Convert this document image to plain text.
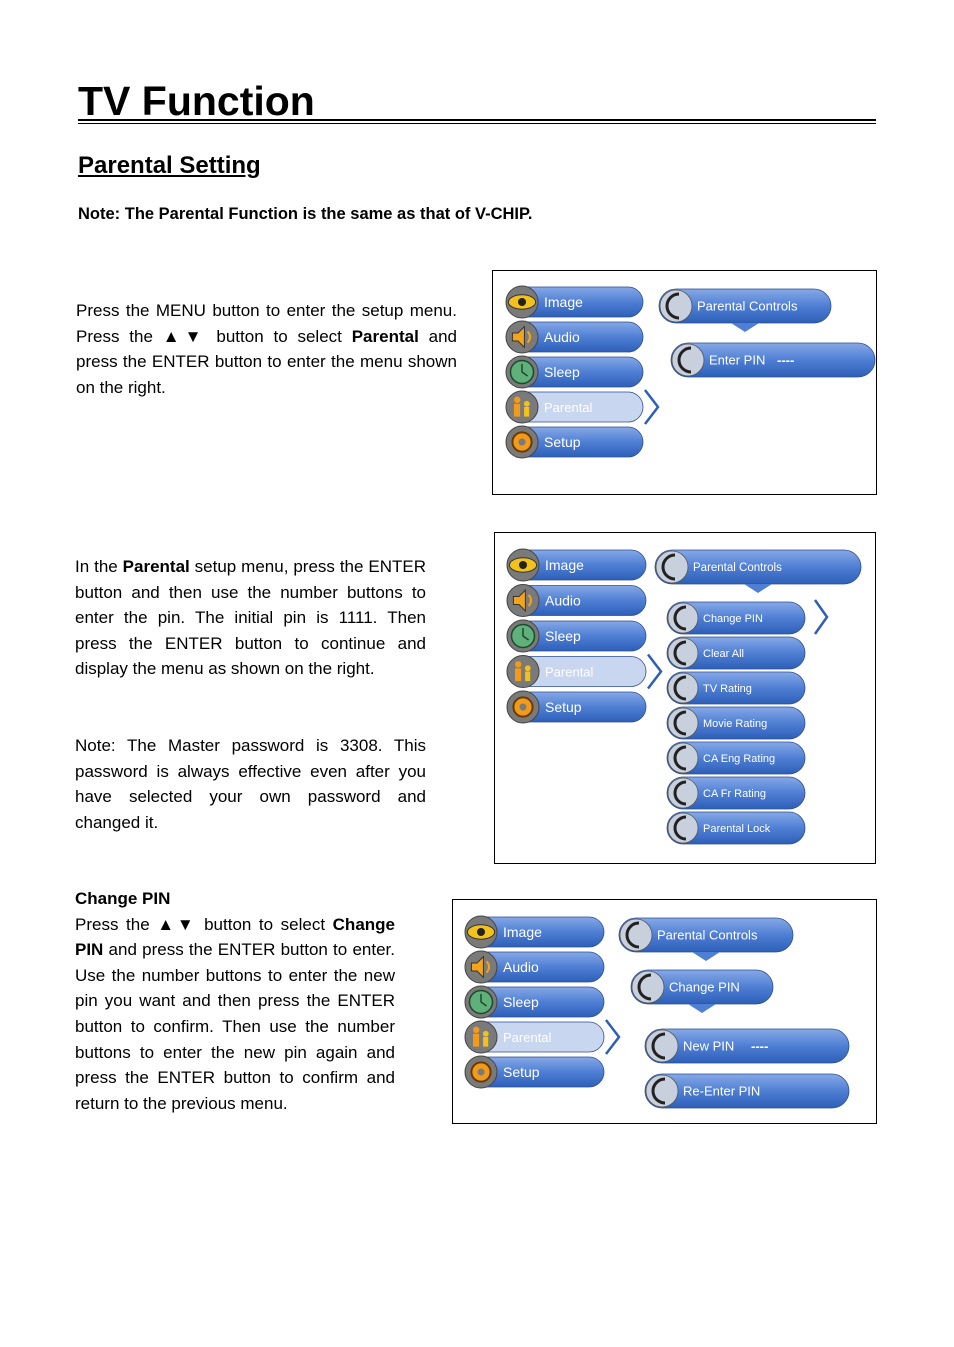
TV Function
Parental Setting

Note: The Parental Function is the same as that of V-CHIP.

Press the MENU button to enter the setup menu. Press the ▲▼ button to select Parental and press the ENTER button to enter the menu shown on the right.

Image
Audio
Sleep
Parental
Setup
Parental Controls
Enter PIN ----

In the Parental setup menu, press the ENTER button and then use the number buttons to enter the pin. The initial pin is 1111. Then press the ENTER button to continue and display the menu as shown on the right.

Note: The Master password is 3308. This password is always effective even after you have selected your own password and changed it.

Image
Audio
Sleep
Parental
Setup
Parental Controls
Change PIN
Clear All
TV Rating
Movie Rating
CA Eng Rating
CA Fr Rating
Parental Lock

Change PIN
Press the ▲▼ button to select Change PIN and press the ENTER button to enter. Use the number buttons to enter the new pin you want and then press the ENTER button to confirm. Then use the number buttons to enter the new pin again and press the ENTER button to confirm and return to the previous menu.

Image
Audio
Sleep
Parental
Setup
Parental Controls
Change PIN
New PIN ----
Re-Enter PIN
